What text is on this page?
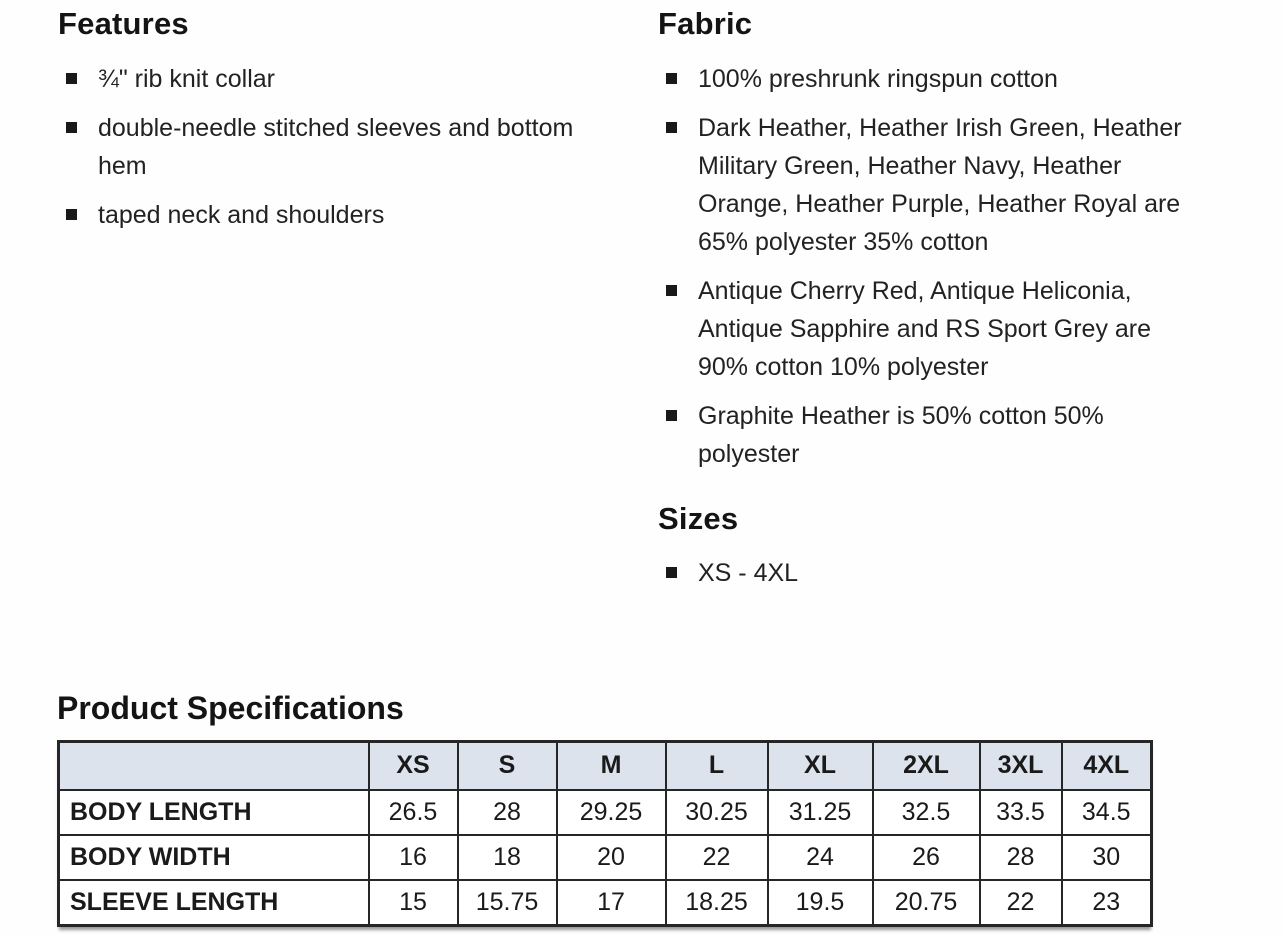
Features
¾" rib knit collar
double-needle stitched sleeves and bottom hem
taped neck and shoulders
Fabric
100% preshrunk ringspun cotton
Dark Heather, Heather Irish Green, Heather Military Green, Heather Navy, Heather Orange, Heather Purple, Heather Royal are 65% polyester 35% cotton
Antique Cherry Red, Antique Heliconia, Antique Sapphire and RS Sport Grey are 90% cotton 10% polyester
Graphite Heather is 50% cotton 50% polyester
Sizes
XS - 4XL
Product Specifications
	XS	S	M	L	XL	2XL	3XL	4XL
BODY LENGTH	26.5	28	29.25	30.25	31.25	32.5	33.5	34.5
BODY WIDTH	16	18	20	22	24	26	28	30
SLEEVE LENGTH	15	15.75	17	18.25	19.5	20.75	22	23
